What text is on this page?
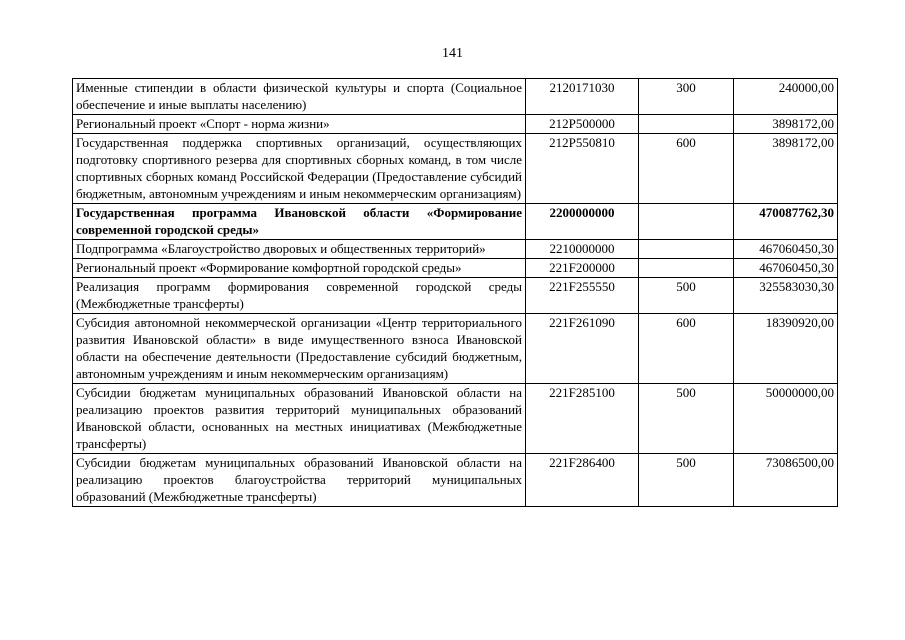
141
Именные стипендии в области физической культуры и спорта (Социальное обеспечение и иные выплаты населению)	2120171030	300	240000,00
Региональный проект «Спорт - норма жизни»	212P500000		3898172,00
Государственная поддержка спортивных организаций, осуществляющих подготовку спортивного резерва для спортивных сборных команд, в том числе спортивных сборных команд Российской Федерации (Предоставление субсидий бюджетным, автономным учреждениям и иным некоммерческим организациям)	212P550810	600	3898172,00
Государственная программа Ивановской области «Формирование современной городской среды»	2200000000		470087762,30
Подпрограмма «Благоустройство дворовых и общественных территорий»	2210000000		467060450,30
Региональный проект «Формирование комфортной городской среды»	221F200000		467060450,30
Реализация программ формирования современной городской среды (Межбюджетные трансферты)	221F255550	500	325583030,30
Субсидия автономной некоммерческой организации «Центр территориального развития Ивановской области» в виде имущественного взноса Ивановской области на обеспечение деятельности (Предоставление субсидий бюджетным, автономным учреждениям и иным некоммерческим организациям)	221F261090	600	18390920,00
Субсидии бюджетам муниципальных образований Ивановской области на реализацию проектов развития территорий муниципальных образований Ивановской области, основанных на местных инициативах (Межбюджетные трансферты)	221F285100	500	50000000,00
Субсидии бюджетам муниципальных образований Ивановской области на реализацию проектов благоустройства территорий муниципальных образований (Межбюджетные трансферты)	221F286400	500	73086500,00
